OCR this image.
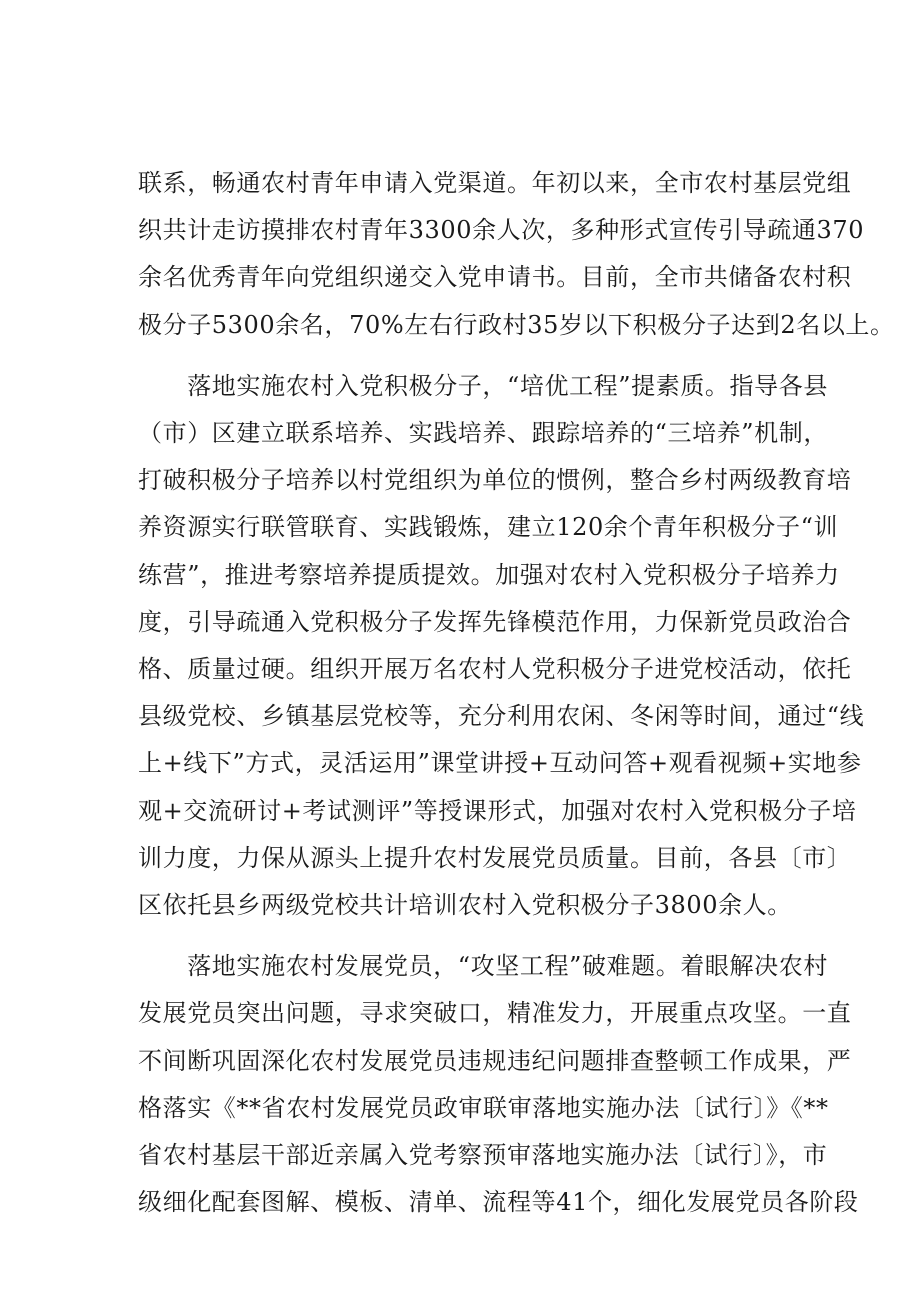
联系，畅通农村青年申请入党渠道。年初以来，全市农村基层党组
织共计走访摸排农村青年3300余人次，多种形式宣传引导疏通370
余名优秀青年向党组织递交入党申请书。目前，全市共储备农村积
极分子5300余名，70%左右行政村35岁以下积极分子达到2名以上。

　　落地实施农村入党积极分子，“培优工程”提素质。指导各县
（市）区建立联系培养、实践培养、跟踪培养的“三培养”机制，
打破积极分子培养以村党组织为单位的惯例，整合乡村两级教育培
养资源实行联管联育、实践锻炼，建立120余个青年积极分子“训
练营”，推进考察培养提质提效。加强对农村入党积极分子培养力
度，引导疏通入党积极分子发挥先锋模范作用，力保新党员政治合
格、质量过硬。组织开展万名农村人党积极分子进党校活动，依托
县级党校、乡镇基层党校等，充分利用农闲、冬闲等时间，通过“线
上+线下”方式，灵活运用”课堂讲授+互动问答+观看视频+实地参
观+交流研讨+考试测评”等授课形式，加强对农村入党积极分子培
训力度，力保从源头上提升农村发展党员质量。目前，各县〔市〕
区依托县乡两级党校共计培训农村入党积极分子3800余人。

　　落地实施农村发展党员，“攻坚工程”破难题。着眼解决农村
发展党员突出问题，寻求突破口，精准发力，开展重点攻坚。一直
不间断巩固深化农村发展党员违规违纪问题排查整顿工作成果，严
格落实《**省农村发展党员政审联审落地实施办法〔试行〕》《**
省农村基层干部近亲属入党考察预审落地实施办法〔试行〕》，市
级细化配套图解、模板、清单、流程等41个，细化发展党员各阶段
